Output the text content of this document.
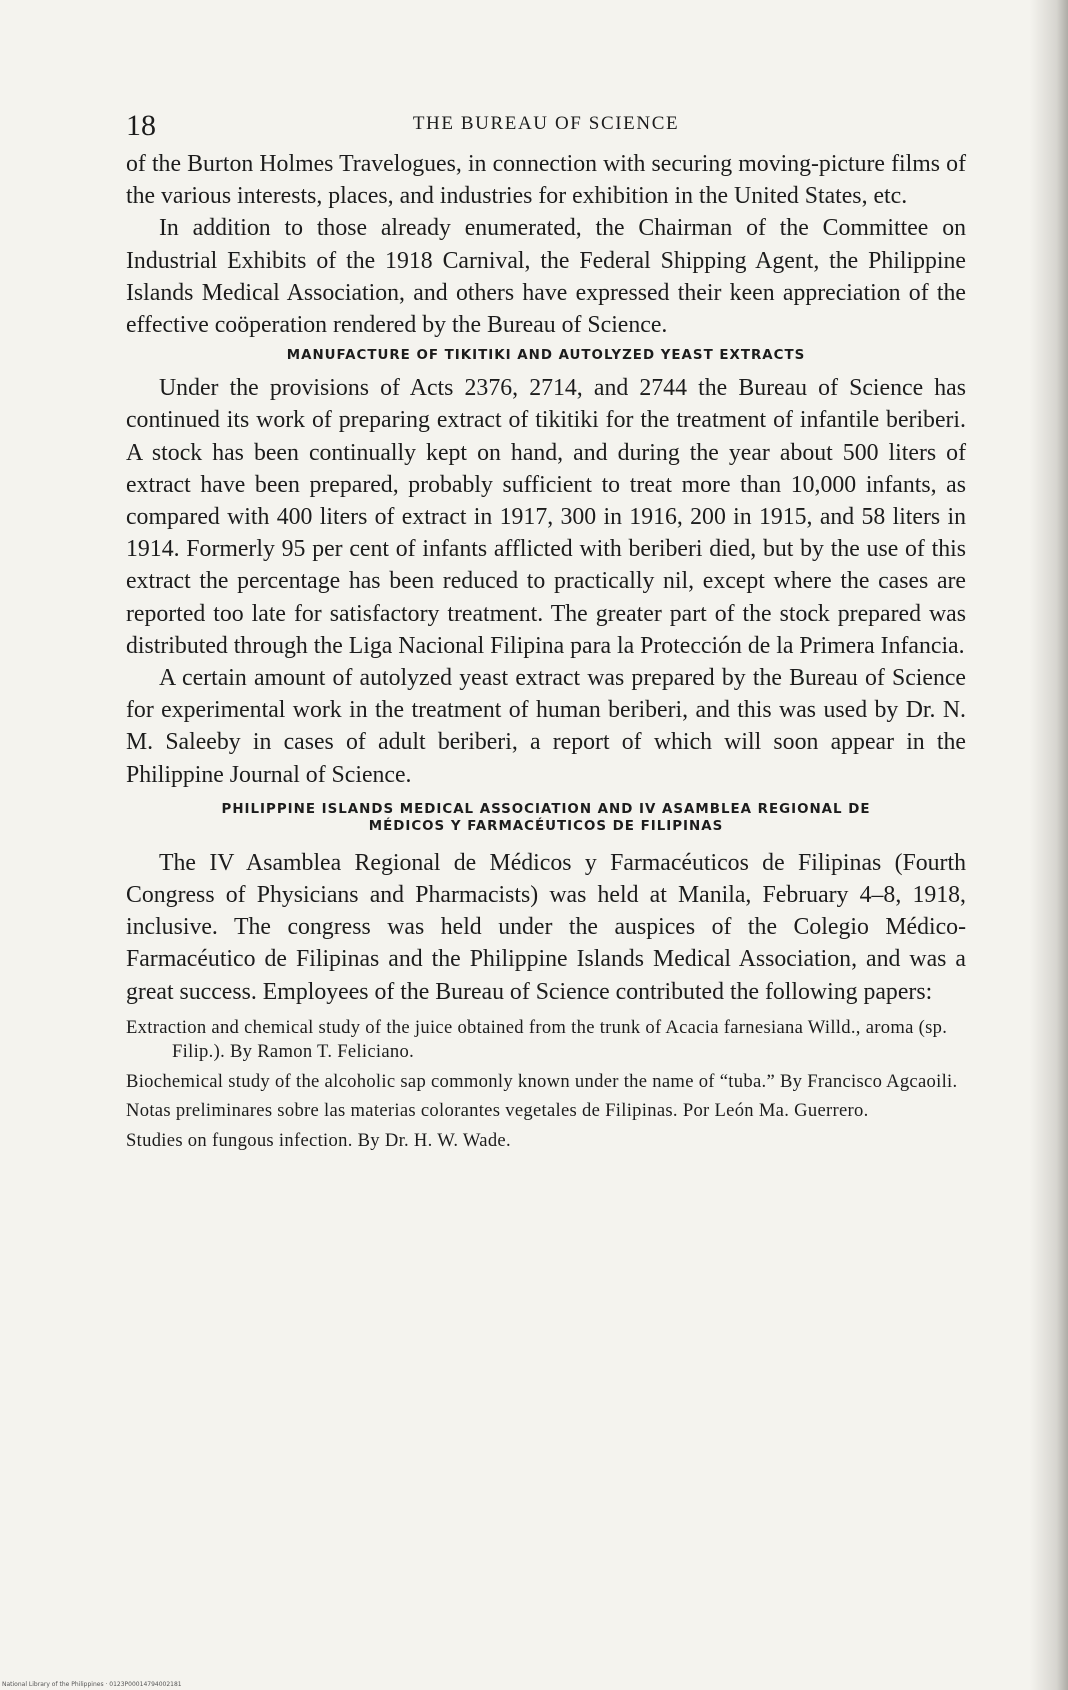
18	THE BUREAU OF SCIENCE

of the Burton Holmes Travelogues, in connection with securing moving-picture films of the various interests, places, and industries for exhibition in the United States, etc.

In addition to those already enumerated, the Chairman of the Committee on Industrial Exhibits of the 1918 Carnival, the Federal Shipping Agent, the Philippine Islands Medical Association, and others have expressed their keen appreciation of the effective coöperation rendered by the Bureau of Science.

MANUFACTURE OF TIKITIKI AND AUTOLYZED YEAST EXTRACTS

Under the provisions of Acts 2376, 2714, and 2744 the Bureau of Science has continued its work of preparing extract of tikitiki for the treatment of infantile beriberi. A stock has been continually kept on hand, and during the year about 500 liters of extract have been prepared, probably sufficient to treat more than 10,000 infants, as compared with 400 liters of extract in 1917, 300 in 1916, 200 in 1915, and 58 liters in 1914. Formerly 95 per cent of infants afflicted with beriberi died, but by the use of this extract the percentage has been reduced to practically nil, except where the cases are reported too late for satisfactory treatment. The greater part of the stock prepared was distributed through the Liga Nacional Filipina para la Protección de la Primera Infancia.

A certain amount of autolyzed yeast extract was prepared by the Bureau of Science for experimental work in the treatment of human beriberi, and this was used by Dr. N. M. Saleeby in cases of adult beriberi, a report of which will soon appear in the Philippine Journal of Science.

PHILIPPINE ISLANDS MEDICAL ASSOCIATION AND IV ASAMBLEA REGIONAL DE
MÉDICOS Y FARMACÉUTICOS DE FILIPINAS

The IV Asamblea Regional de Médicos y Farmacéuticos de Filipinas (Fourth Congress of Physicians and Pharmacists) was held at Manila, February 4–8, 1918, inclusive. The congress was held under the auspices of the Colegio Médico-Farmacéutico de Filipinas and the Philippine Islands Medical Association, and was a great success. Employees of the Bureau of Science contributed the following papers:

Extraction and chemical study of the juice obtained from the trunk of Acacia farnesiana Willd., aroma (sp. Filip.). By Ramon T. Feliciano.

Biochemical study of the alcoholic sap commonly known under the name of “tuba.” By Francisco Agcaoili.

Notas preliminares sobre las materias colorantes vegetales de Filipinas. Por León Ma. Guerrero.

Studies on fungous infection. By Dr. H. W. Wade.

National Library of the Philippines · 0123P00014794002181
